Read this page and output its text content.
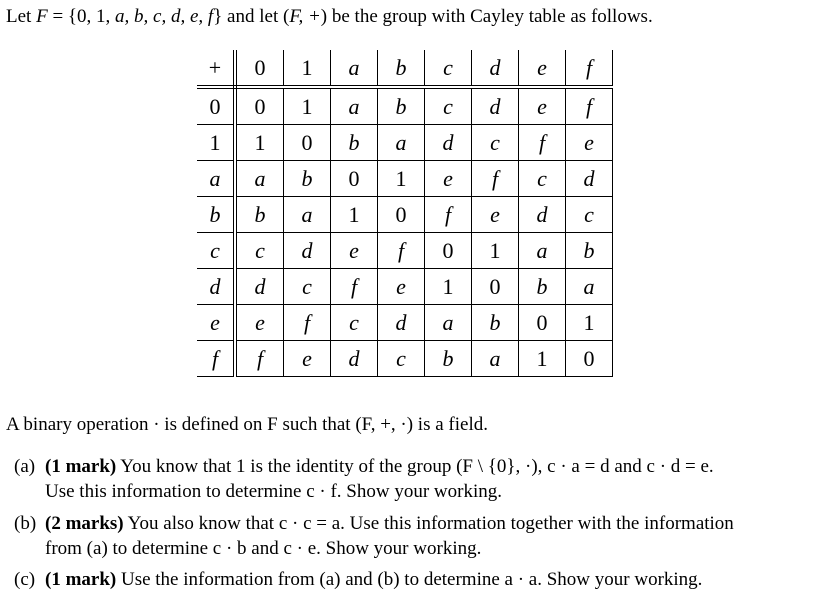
Let F = {0, 1, a, b, c, d, e, f} and let (F, +) be the group with Cayley table as follows.
+	0	1	a	b	c	d	e	f
0	0	1	a	b	c	d	e	f
1	1	0	b	a	d	c	f	e
a	a	b	0	1	e	f	c	d
b	b	a	1	0	f	e	d	c
c	c	d	e	f	0	1	a	b
d	d	c	f	e	1	0	b	a
e	e	f	c	d	a	b	0	1
f	f	e	d	c	b	a	1	0
A binary operation · is defined on F such that (F, +, ·) is a field.
(a) (1 mark) You know that 1 is the identity of the group (F \ {0}, ·), c · a = d and c · d = e.
Use this information to determine c · f. Show your working.
(b) (2 marks) You also know that c · c = a. Use this information together with the information
from (a) to determine c · b and c · e. Show your working.
(c) (1 mark) Use the information from (a) and (b) to determine a · a. Show your working.
